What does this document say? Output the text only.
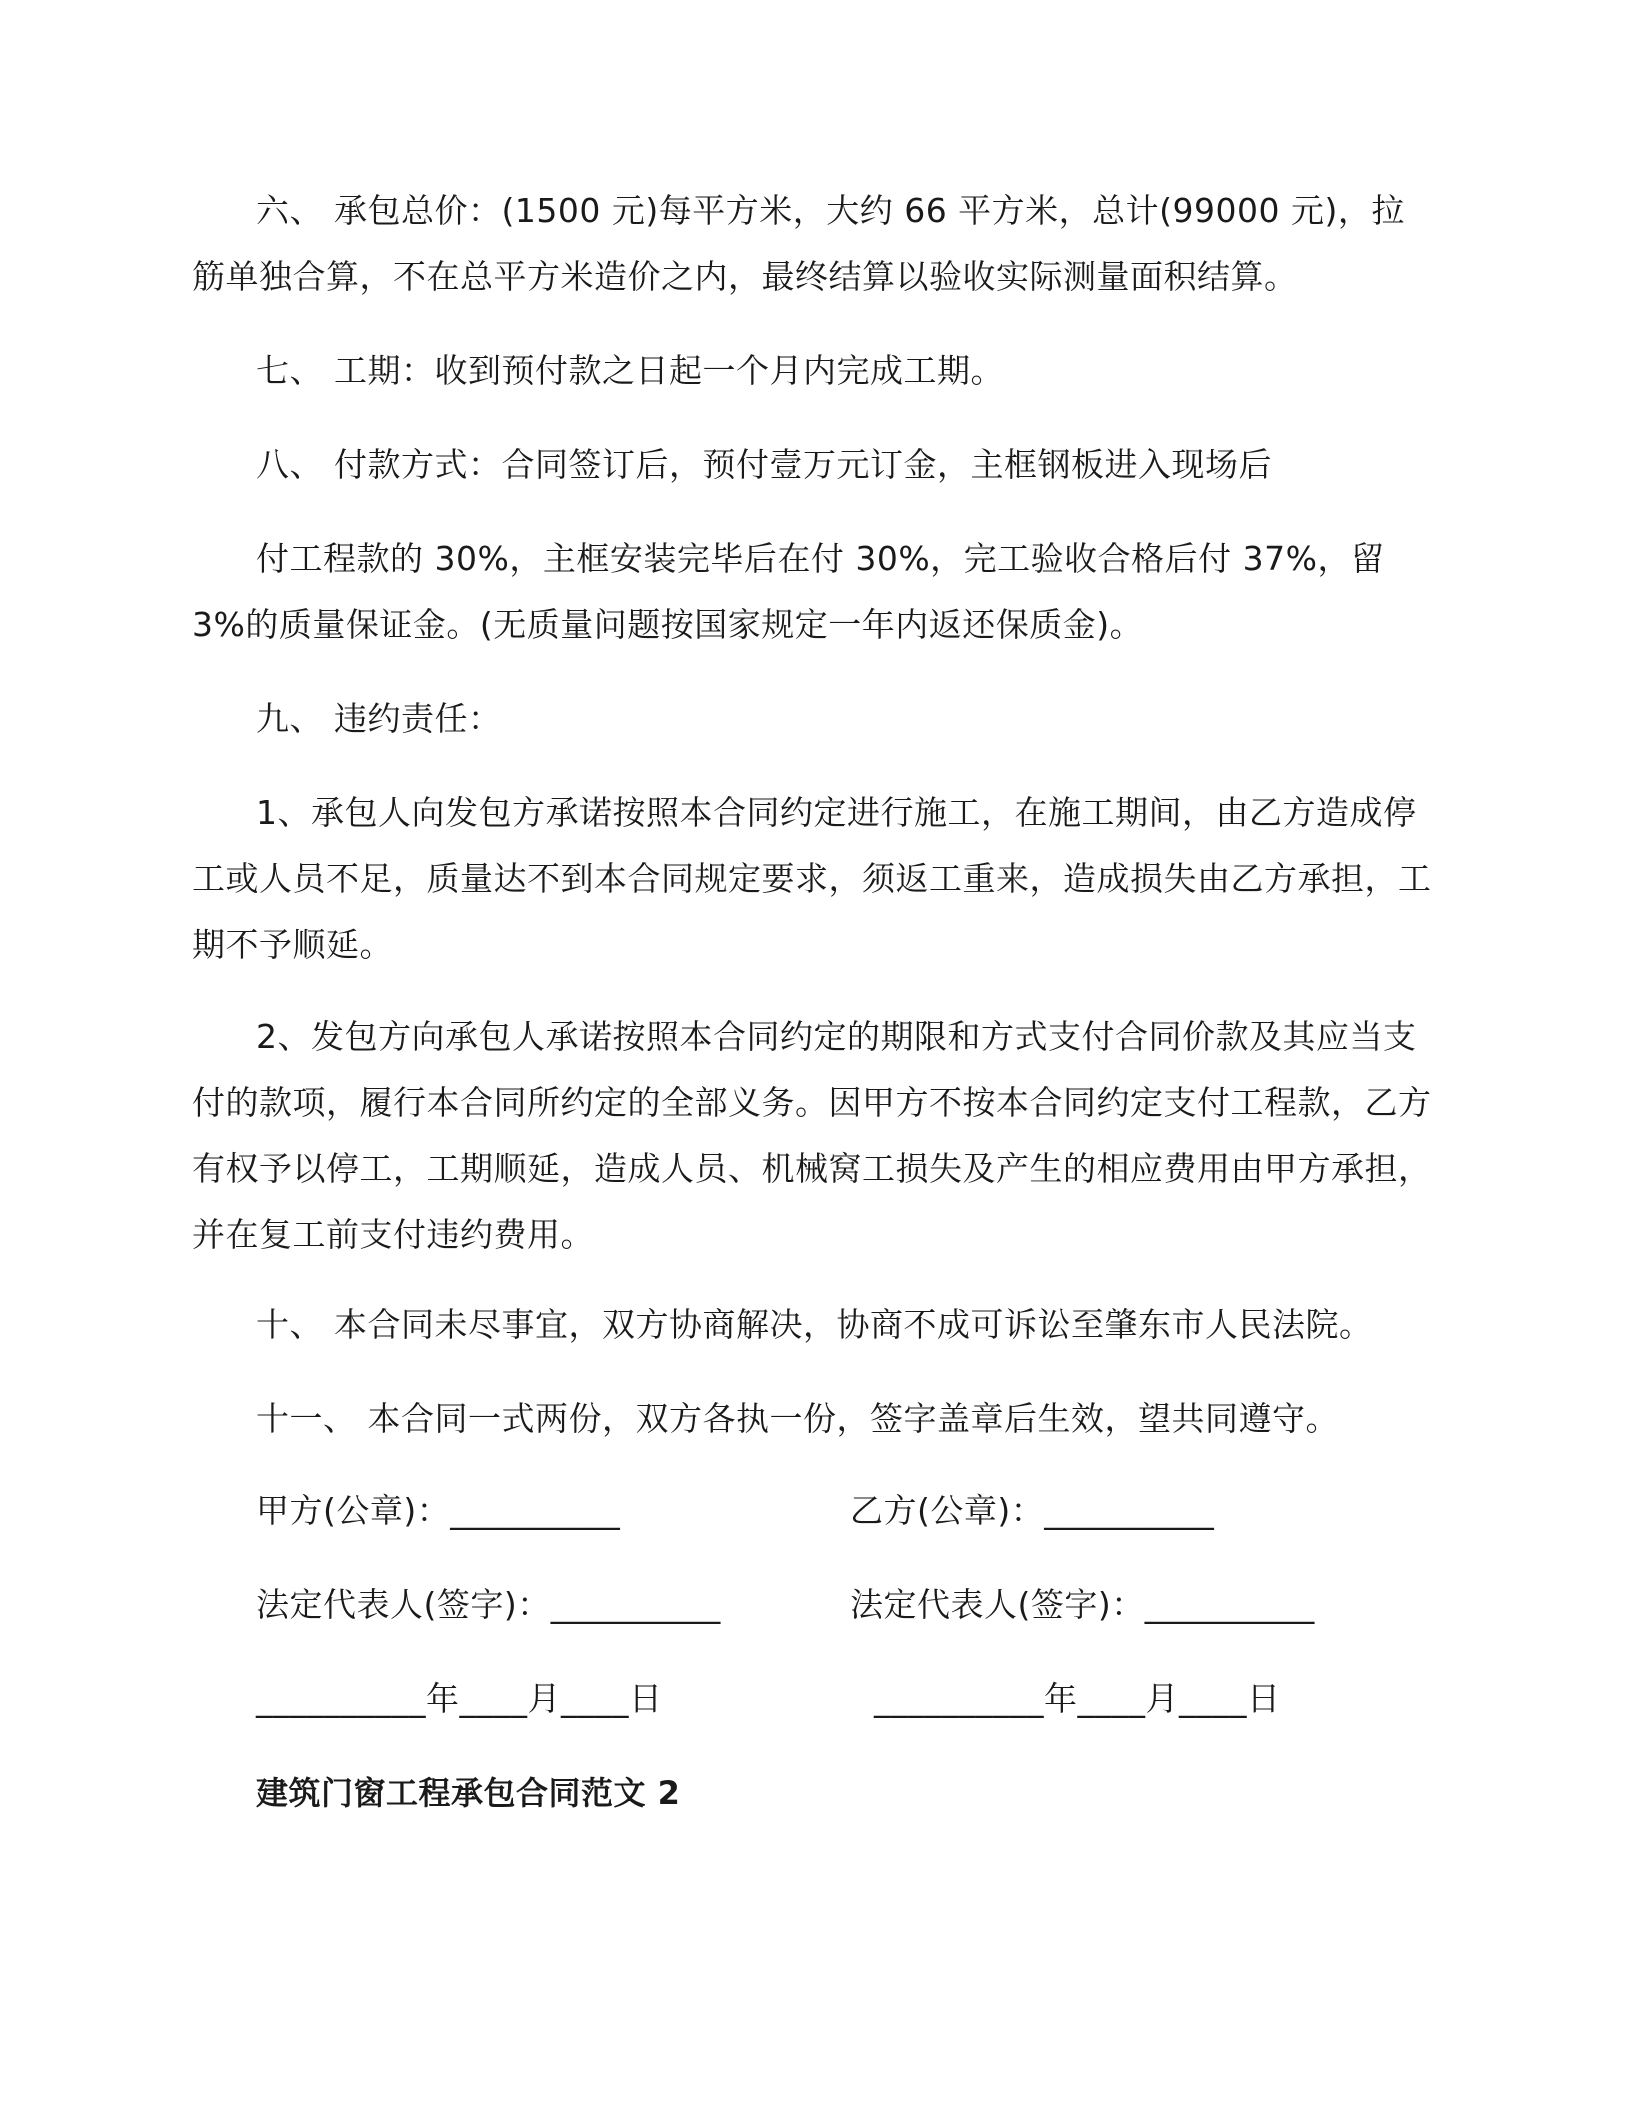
六、 承包总价：(1500 元)每平方米，大约 66 平方米，总计(99000 元)，拉筋单独合算，不在总平方米造价之内，最终结算以验收实际测量面积结算。
七、 工期：收到预付款之日起一个月内完成工期。
八、 付款方式：合同签订后，预付壹万元订金，主框钢板进入现场后
付工程款的 30%，主框安装完毕后在付 30%，完工验收合格后付 37%，留 3%的质量保证金。(无质量问题按国家规定一年内返还保质金)。
九、 违约责任：
1、承包人向发包方承诺按照本合同约定进行施工，在施工期间，由乙方造成停工或人员不足，质量达不到本合同规定要求，须返工重来，造成损失由乙方承担，工期不予顺延。
2、发包方向承包人承诺按照本合同约定的期限和方式支付合同价款及其应当支付的款项，履行本合同所约定的全部义务。因甲方不按本合同约定支付工程款，乙方有权予以停工，工期顺延，造成人员、机械窝工损失及产生的相应费用由甲方承担，并在复工前支付违约费用。
十、 本合同未尽事宜，双方协商解决，协商不成可诉讼至肇东市人民法院。
十一、 本合同一式两份，双方各执一份，签字盖章后生效，望共同遵守。
甲方(公章)：__________	乙方(公章)：__________
法定代表人(签字)：__________	法定代表人(签字)：__________
__________年____月____日	__________年____月____日
建筑门窗工程承包合同范文 2
